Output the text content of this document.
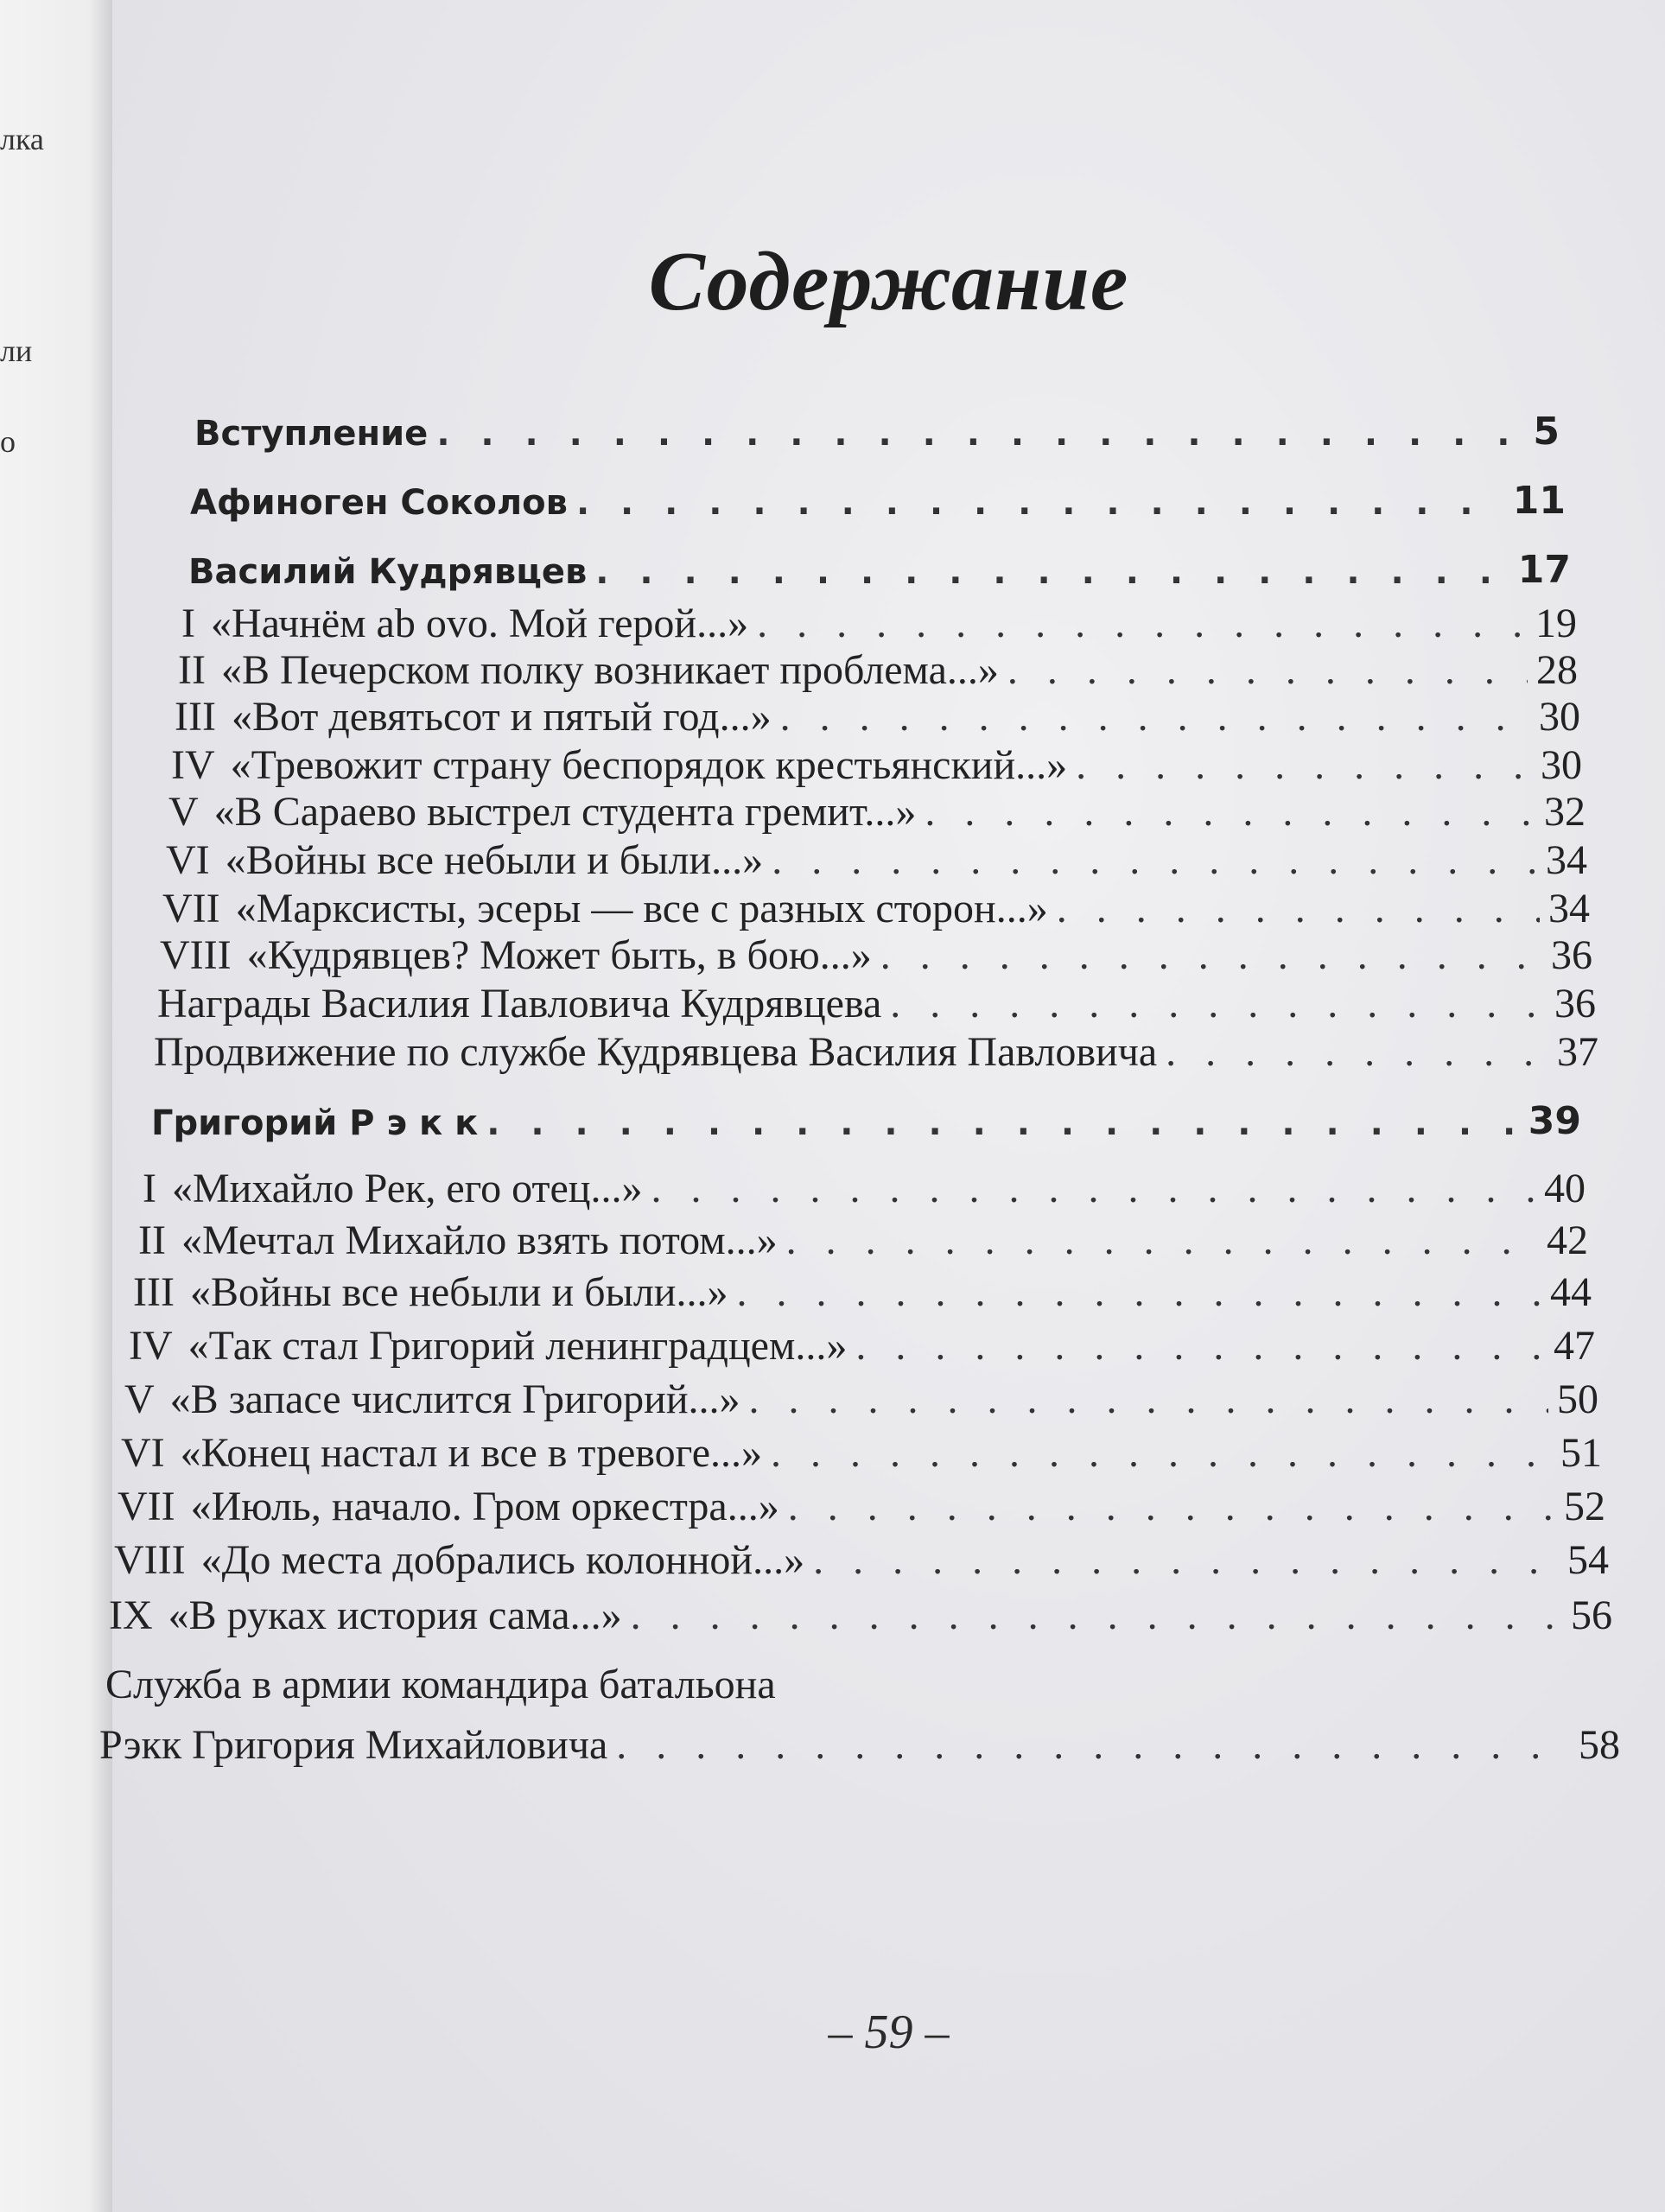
лка
ли
о
Содержание
Вступление . . .	5
Афиноген Соколов . . .	11
Василий Кудрявцев . . .	17
I «Начнём ab ovo. Мой герой...» . . .	19
II «В Печерском полку возникает проблема...» . . .	28
III «Вот девятьсот и пятый год...» . . .	30
IV «Тревожит страну беспорядок крестьянский...» . . .	30
V «В Сараево выстрел студента гремит...» . . .	32
VI «Войны все небыли и были...» . . .	34
VII «Марксисты, эсеры — все с разных сторон...» . . .	34
VIII «Кудрявцев? Может быть, в бою...» . . .	36
Награды Василия Павловича Кудрявцева . . .	36
Продвижение по службе Кудрявцева Василия Павловича . . .	37
Григорий Р э к к . . .	39
I «Михайло Рек, его отец...» . . .	40
II «Мечтал Михайло взять потом...» . . .	42
III «Войны все небыли и были...» . . .	44
IV «Так стал Григорий ленинградцем...» . . .	47
V «В запасе числится Григорий...» . . .	50
VI «Конец настал и все в тревоге...» . . .	51
VII «Июль, начало. Гром оркестра...» . . .	52
VIII «До места добрались колонной...» . . .	54
IX «В руках история сама...» . . .	56
Служба в армии командира батальона
Рэкк Григория Михайловича . . .	58
– 59 –
